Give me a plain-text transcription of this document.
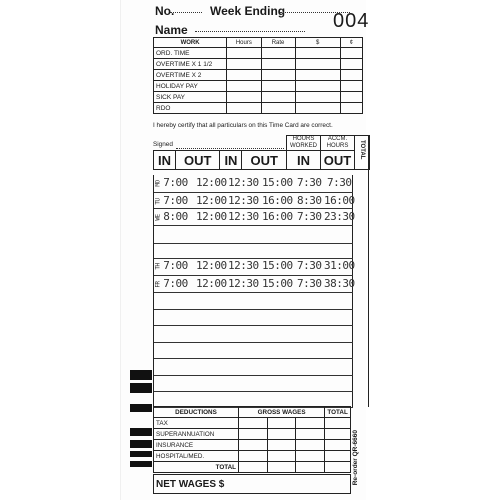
No.	Week Ending
Name	004
WORK	Hours	Rate	$	¢
ORD. TIME				
OVERTIME X 1 1/2				
OVERTIME X 2				
HOLIDAY PAY				
SICK PAY				
RDO				
I hereby certify that all particulars on this Time Card are correct.
Signed
				HOURS WORKED	ACCM. HOURS	TOTAL
IN	OUT	IN	OUT	IN	OUT	
MO 7:00 12:00 12:30 15:00 7:30 7:30
TU 7:00 12:00 12:30 16:00 8:30 16:00
WE 8:00 12:00 12:30 16:00 7:30 23:30
TH 7:00 12:00 12:30 15:00 7:30 31:00
FR 7:00 12:00 12:30 15:00 7:30 38:30
DEDUCTIONS	GROSS WAGES			TOTAL
TAX				
SUPERANNUATION				
INSURANCE				
HOSPITAL/MED.				
TOTAL				
NET WAGES $	Re-order QR-6660
